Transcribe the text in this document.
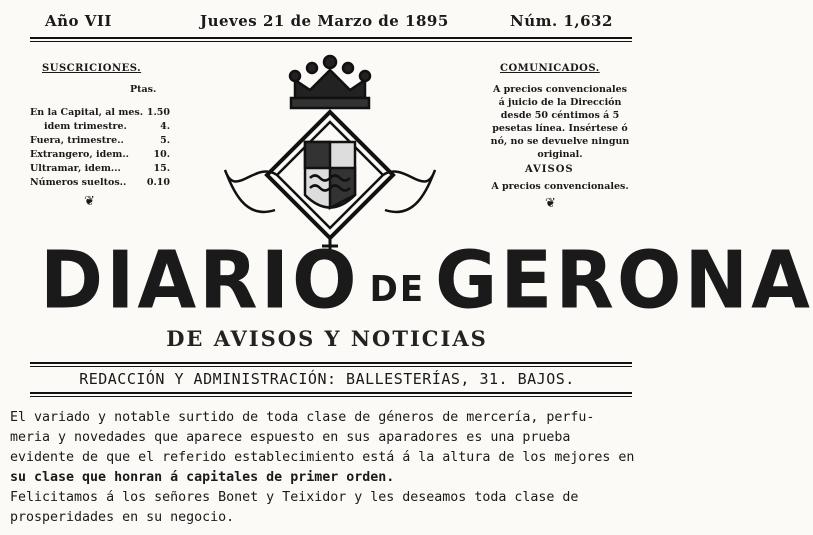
Año VII	Jueves 21 de Marzo de 1895	Núm. 1,632
SUSCRICIONES.
Ptas.
En la Capital, al mes. 1.50
idem trimestre.	4.
Fuera, trimestre..	5.
Extrangero, idem..	10.
Ultramar, idem...	15.
Números sueltos.. 0.10
❦
COMUNICADOS.
A precios convencionales á juicio de la Dirección desde 50 céntimos á 5 pesetas línea. Insértese ó nó, no se devuelve ningun original.
AVISOS
A precios convencionales.
❦
DIARIO DE GERONA
DE AVISOS Y NOTICIAS
REDACCIÓN Y ADMINISTRACIÓN: BALLESTERÍAS, 31. BAJOS.

El variado y notable surtido de toda clase de géneros de mercería, perfu-

meria y novedades que aparece espuesto en sus aparadores es una prueba

evidente de que el referido establecimiento está á la altura de los mejores en

su clase que honran á capitales de primer orden.

Felicitamos á los señores Bonet y Teixidor y les deseamos toda clase de

prosperidades en su negocio.
